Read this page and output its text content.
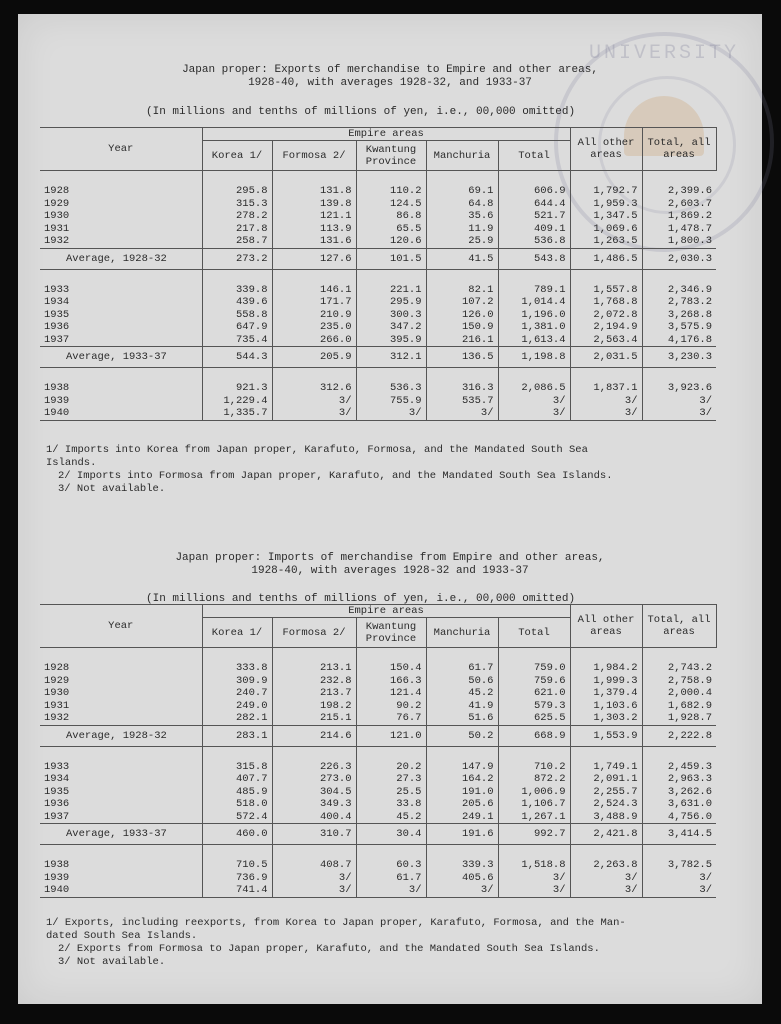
UNIVERSITY
Japan proper: Exports of merchandise to Empire and other areas,
1928-40, with averages 1928-32, and 1933-37
(In millions and tenths of millions of yen, i.e., 00,000 omitted)
Year	Empire areas					All other areas	Total, all areas
	Korea 1/	Formosa 2/	Kwantung Province	Manchuria	Total		

1928	295.8	131.8	110.2	69.1	606.9	1,792.7	2,399.6
1929	315.3	139.8	124.5	64.8	644.4	1,959.3	2,603.7
1930	278.2	121.1	86.8	35.6	521.7	1,347.5	1,869.2
1931	217.8	113.9	65.5	11.9	409.1	1,069.6	1,478.7
1932	258.7	131.6	120.6	25.9	536.8	1,263.5	1,800.3
Average, 1928-32	273.2	127.6	101.5	41.5	543.8	1,486.5	2,030.3

1933	339.8	146.1	221.1	82.1	789.1	1,557.8	2,346.9
1934	439.6	171.7	295.9	107.2	1,014.4	1,768.8	2,783.2
1935	558.8	210.9	300.3	126.0	1,196.0	2,072.8	3,268.8
1936	647.9	235.0	347.2	150.9	1,381.0	2,194.9	3,575.9
1937	735.4	266.0	395.9	216.1	1,613.4	2,563.4	4,176.8
Average, 1933-37	544.3	205.9	312.1	136.5	1,198.8	2,031.5	3,230.3

1938	921.3	312.6	536.3	316.3	2,086.5	1,837.1	3,923.6
1939	1,229.4	3/	755.9	535.7	3/	3/	3/
1940	1,335.7	3/	3/	3/	3/	3/	3/
1/ Imports into Korea from Japan proper, Karafuto, Formosa, and the Mandated South Sea
Islands.
2/ Imports into Formosa from Japan proper, Karafuto, and the Mandated South Sea Islands.
3/ Not available.
Japan proper: Imports of merchandise from Empire and other areas,
1928-40, with averages 1928-32 and 1933-37
(In millions and tenths of millions of yen, i.e., 00,000 omitted)
Year	Empire areas					All other areas	Total, all areas
	Korea 1/	Formosa 2/	Kwantung Province	Manchuria	Total		

1928	333.8	213.1	150.4	61.7	759.0	1,984.2	2,743.2
1929	309.9	232.8	166.3	50.6	759.6	1,999.3	2,758.9
1930	240.7	213.7	121.4	45.2	621.0	1,379.4	2,000.4
1931	249.0	198.2	90.2	41.9	579.3	1,103.6	1,682.9
1932	282.1	215.1	76.7	51.6	625.5	1,303.2	1,928.7
Average, 1928-32	283.1	214.6	121.0	50.2	668.9	1,553.9	2,222.8

1933	315.8	226.3	20.2	147.9	710.2	1,749.1	2,459.3
1934	407.7	273.0	27.3	164.2	872.2	2,091.1	2,963.3
1935	485.9	304.5	25.5	191.0	1,006.9	2,255.7	3,262.6
1936	518.0	349.3	33.8	205.6	1,106.7	2,524.3	3,631.0
1937	572.4	400.4	45.2	249.1	1,267.1	3,488.9	4,756.0
Average, 1933-37	460.0	310.7	30.4	191.6	992.7	2,421.8	3,414.5

1938	710.5	408.7	60.3	339.3	1,518.8	2,263.8	3,782.5
1939	736.9	3/	61.7	405.6	3/	3/	3/
1940	741.4	3/	3/	3/	3/	3/	3/
1/ Exports, including reexports, from Korea to Japan proper, Karafuto, Formosa, and the Man-
dated South Sea Islands.
2/ Exports from Formosa to Japan proper, Karafuto, and the Mandated South Sea Islands.
3/ Not available.
